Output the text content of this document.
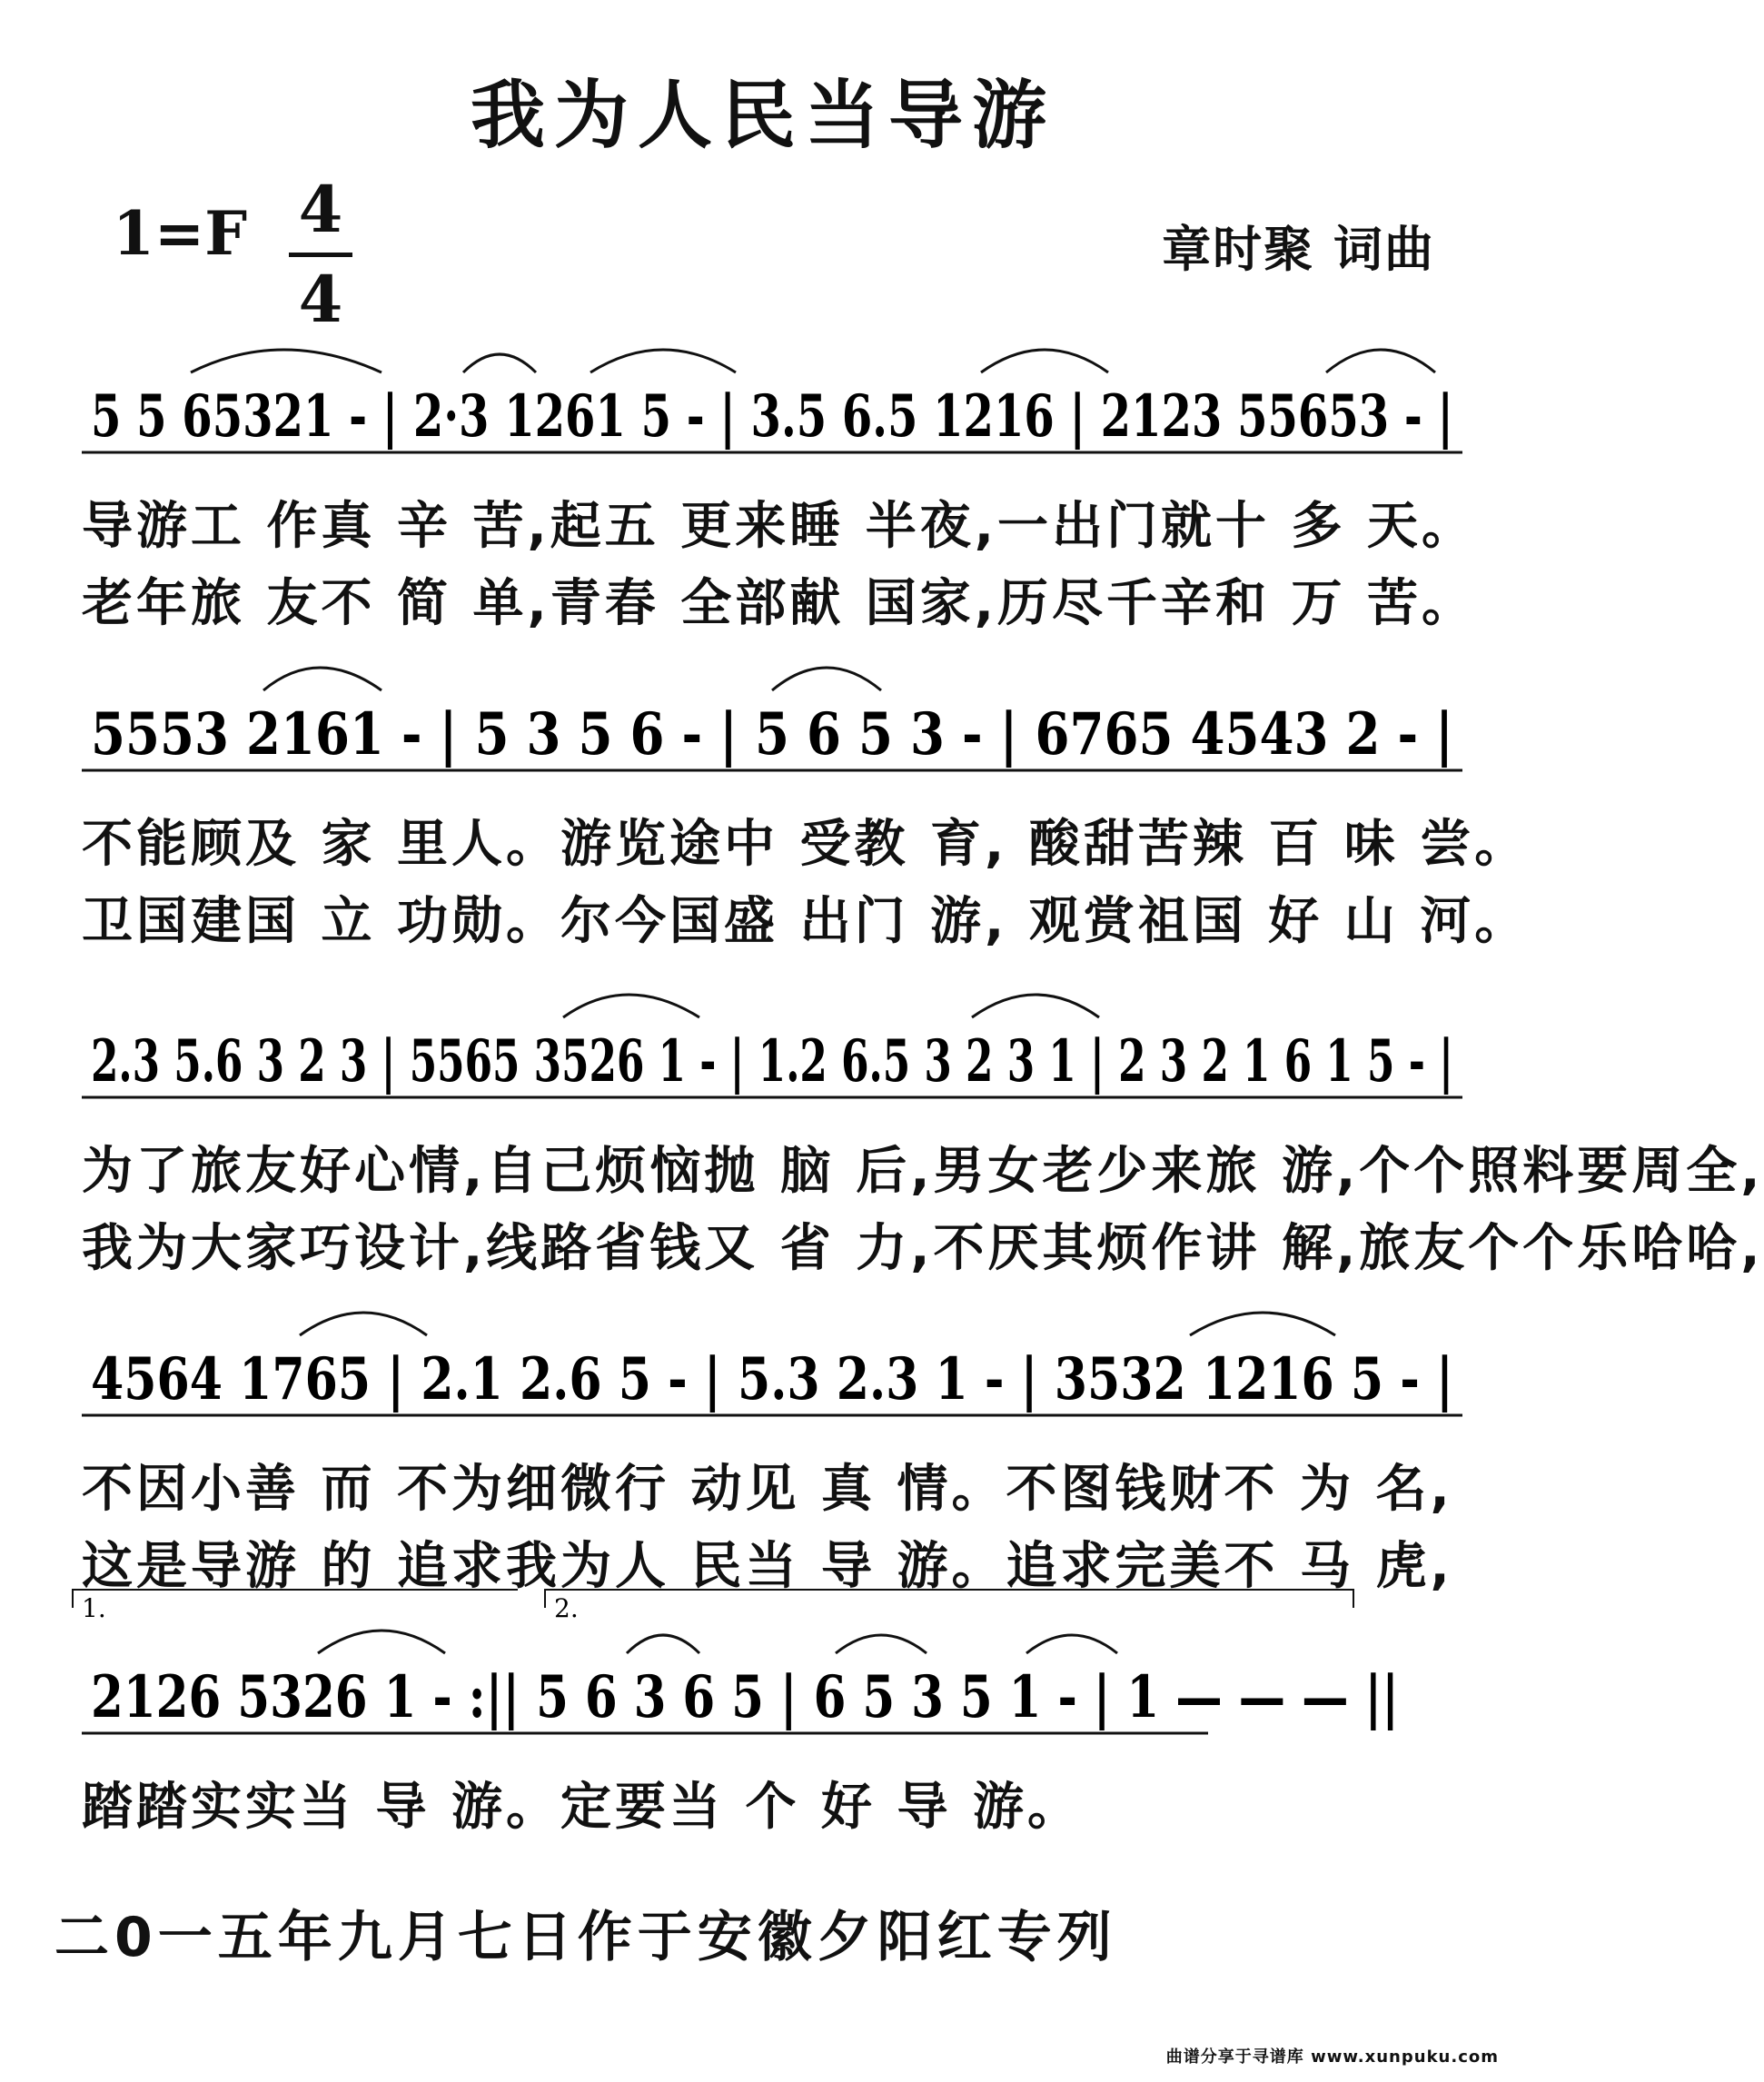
我为人民当导游
1=F 4
4
章时聚 词曲
5 5 65321 - | 2·3 1261 5 - | 3.5 6.5 1216 | 2123 55653 - |
导游工 作真 辛 苦,起五 更来睡 半夜,一出门就十 多 天。
老年旅 友不 简 单,青春 全部献 国家,历尽千辛和 万 苦。
5553 2161 - | 5 3 5 6 - | 5 6 5 3 - | 6765 4543 2 - |
不能顾及 家 里人。游览途中 受教 育, 酸甜苦辣 百 味 尝。
卫国建国 立 功勋。尔今国盛 出门 游, 观赏祖国 好 山 河。
2.3 5.6 3 2 3 | 5565 3526 1 - | 1.2 6.5 3 2 3 1 | 2 3 2 1 6 1 5 - |
为了旅友好心情,自己烦恼抛 脑 后,男女老少来旅 游,个个照料要周全,
我为大家巧设计,线路省钱又 省 力,不厌其烦作讲 解,旅友个个乐哈哈,
4564 1765 | 2.1 2.6 5 - | 5.3 2.3 1 - | 3532 1216 5 - |
不因小善 而 不为细微行 动见 真 情。不图钱财不 为 名,
这是导游 的 追求我为人 民当 导 游。追求完美不 马 虎,
1.	2.
2126 5326 1 - :|| 5 6 3 6 5 | 6 5 3 5 1 - | 1 — — — ||
踏踏实实当 导 游。定要当 个 好 导 游。
二0一五年九月七日作于安徽夕阳红专列
曲谱分享于寻谱库 www.xunpuku.com
